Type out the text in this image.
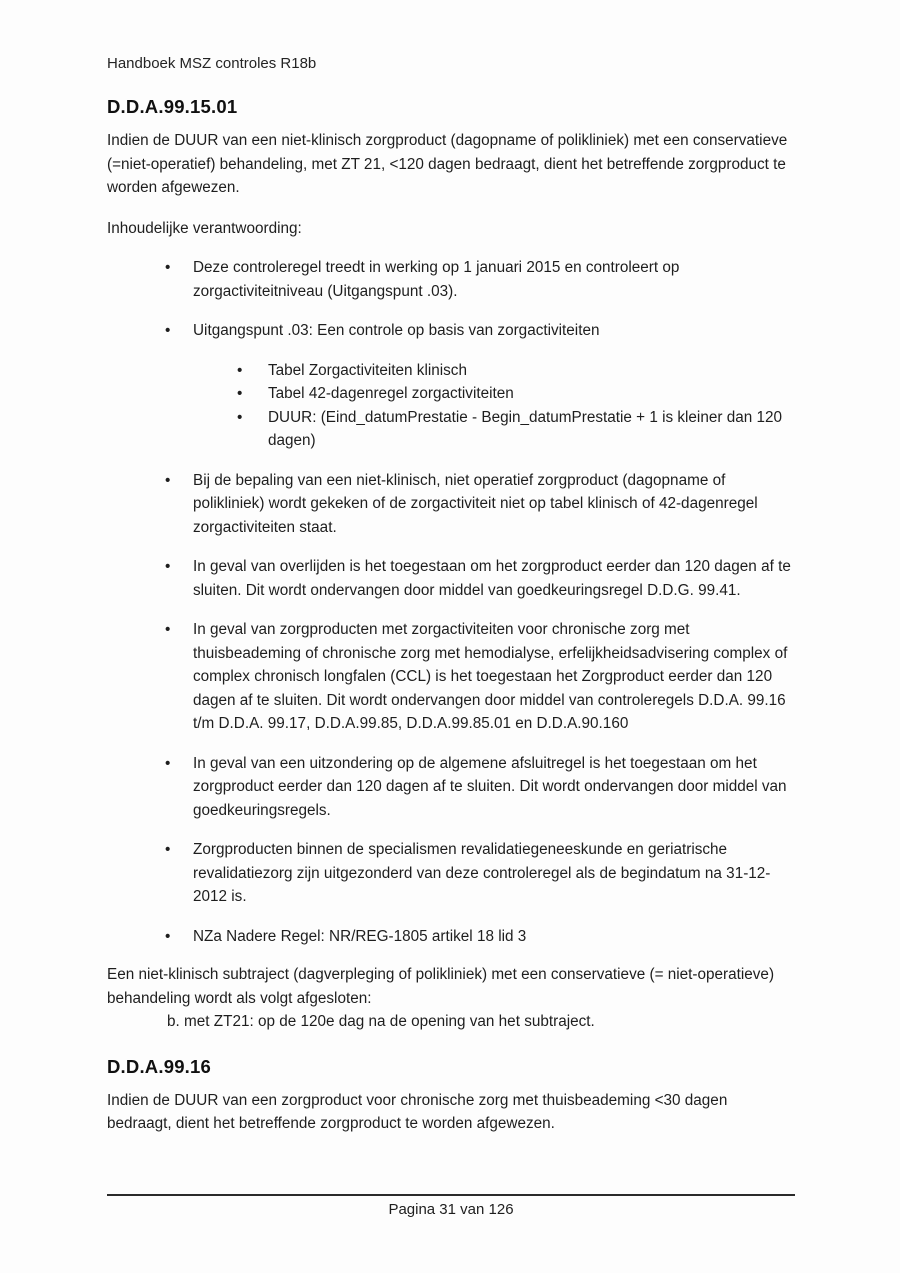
Handboek MSZ controles R18b
D.D.A.99.15.01

Indien de DUUR van een niet-klinisch zorgproduct (dagopname of polikliniek) met een conservatieve (=niet-operatief) behandeling, met ZT 21, <120 dagen bedraagt, dient het betreffende zorgproduct te worden afgewezen.

Inhoudelijke verantwoording:

•
Deze controleregel treedt in werking op 1 januari 2015 en controleert op zorgactiviteitniveau (Uitgangspunt .03).
•
Uitgangspunt .03: Een controle op basis van zorgactiviteiten
•
Tabel Zorgactiviteiten klinisch
•
Tabel 42-dagenregel zorgactiviteiten
•
DUUR: (Eind_datumPrestatie - Begin_datumPrestatie + 1 is kleiner dan 120 dagen)
•
Bij de bepaling van een niet-klinisch, niet operatief zorgproduct (dagopname of polikliniek) wordt gekeken of de zorgactiviteit niet op tabel klinisch of 42-dagenregel zorgactiviteiten staat.
•
In geval van overlijden is het toegestaan om het zorgproduct eerder dan 120 dagen af te sluiten. Dit wordt ondervangen door middel van goedkeuringsregel D.D.G. 99.41.
•
In geval van zorgproducten met zorgactiviteiten voor chronische zorg met thuisbeademing of chronische zorg met hemodialyse, erfelijkheidsadvisering complex of complex chronisch longfalen (CCL) is het toegestaan het Zorgproduct eerder dan 120 dagen af te sluiten. Dit wordt ondervangen door middel van controleregels D.D.A. 99.16 t/m D.D.A. 99.17, D.D.A.99.85, D.D.A.99.85.01 en D.D.A.90.160
•
In geval van een uitzondering op de algemene afsluitregel is het toegestaan om het zorgproduct eerder dan 120 dagen af te sluiten. Dit wordt ondervangen door middel van goedkeuringsregels.
•
Zorgproducten binnen de specialismen revalidatiegeneeskunde en geriatrische revalidatiezorg zijn uitgezonderd van deze controleregel als de begindatum na 31-12-2012 is.
•
NZa Nadere Regel: NR/REG-1805 artikel 18 lid 3

Een niet-klinisch subtraject (dagverpleging of polikliniek) met een conservatieve (= niet-operatieve) behandeling wordt als volgt afgesloten:

b. met ZT21: op de 120e dag na de opening van het subtraject.
D.D.A.99.16

Indien de DUUR van een zorgproduct voor chronische zorg met thuisbeademing <30 dagen bedraagt, dient het betreffende zorgproduct te worden afgewezen.

Pagina 31 van 126
